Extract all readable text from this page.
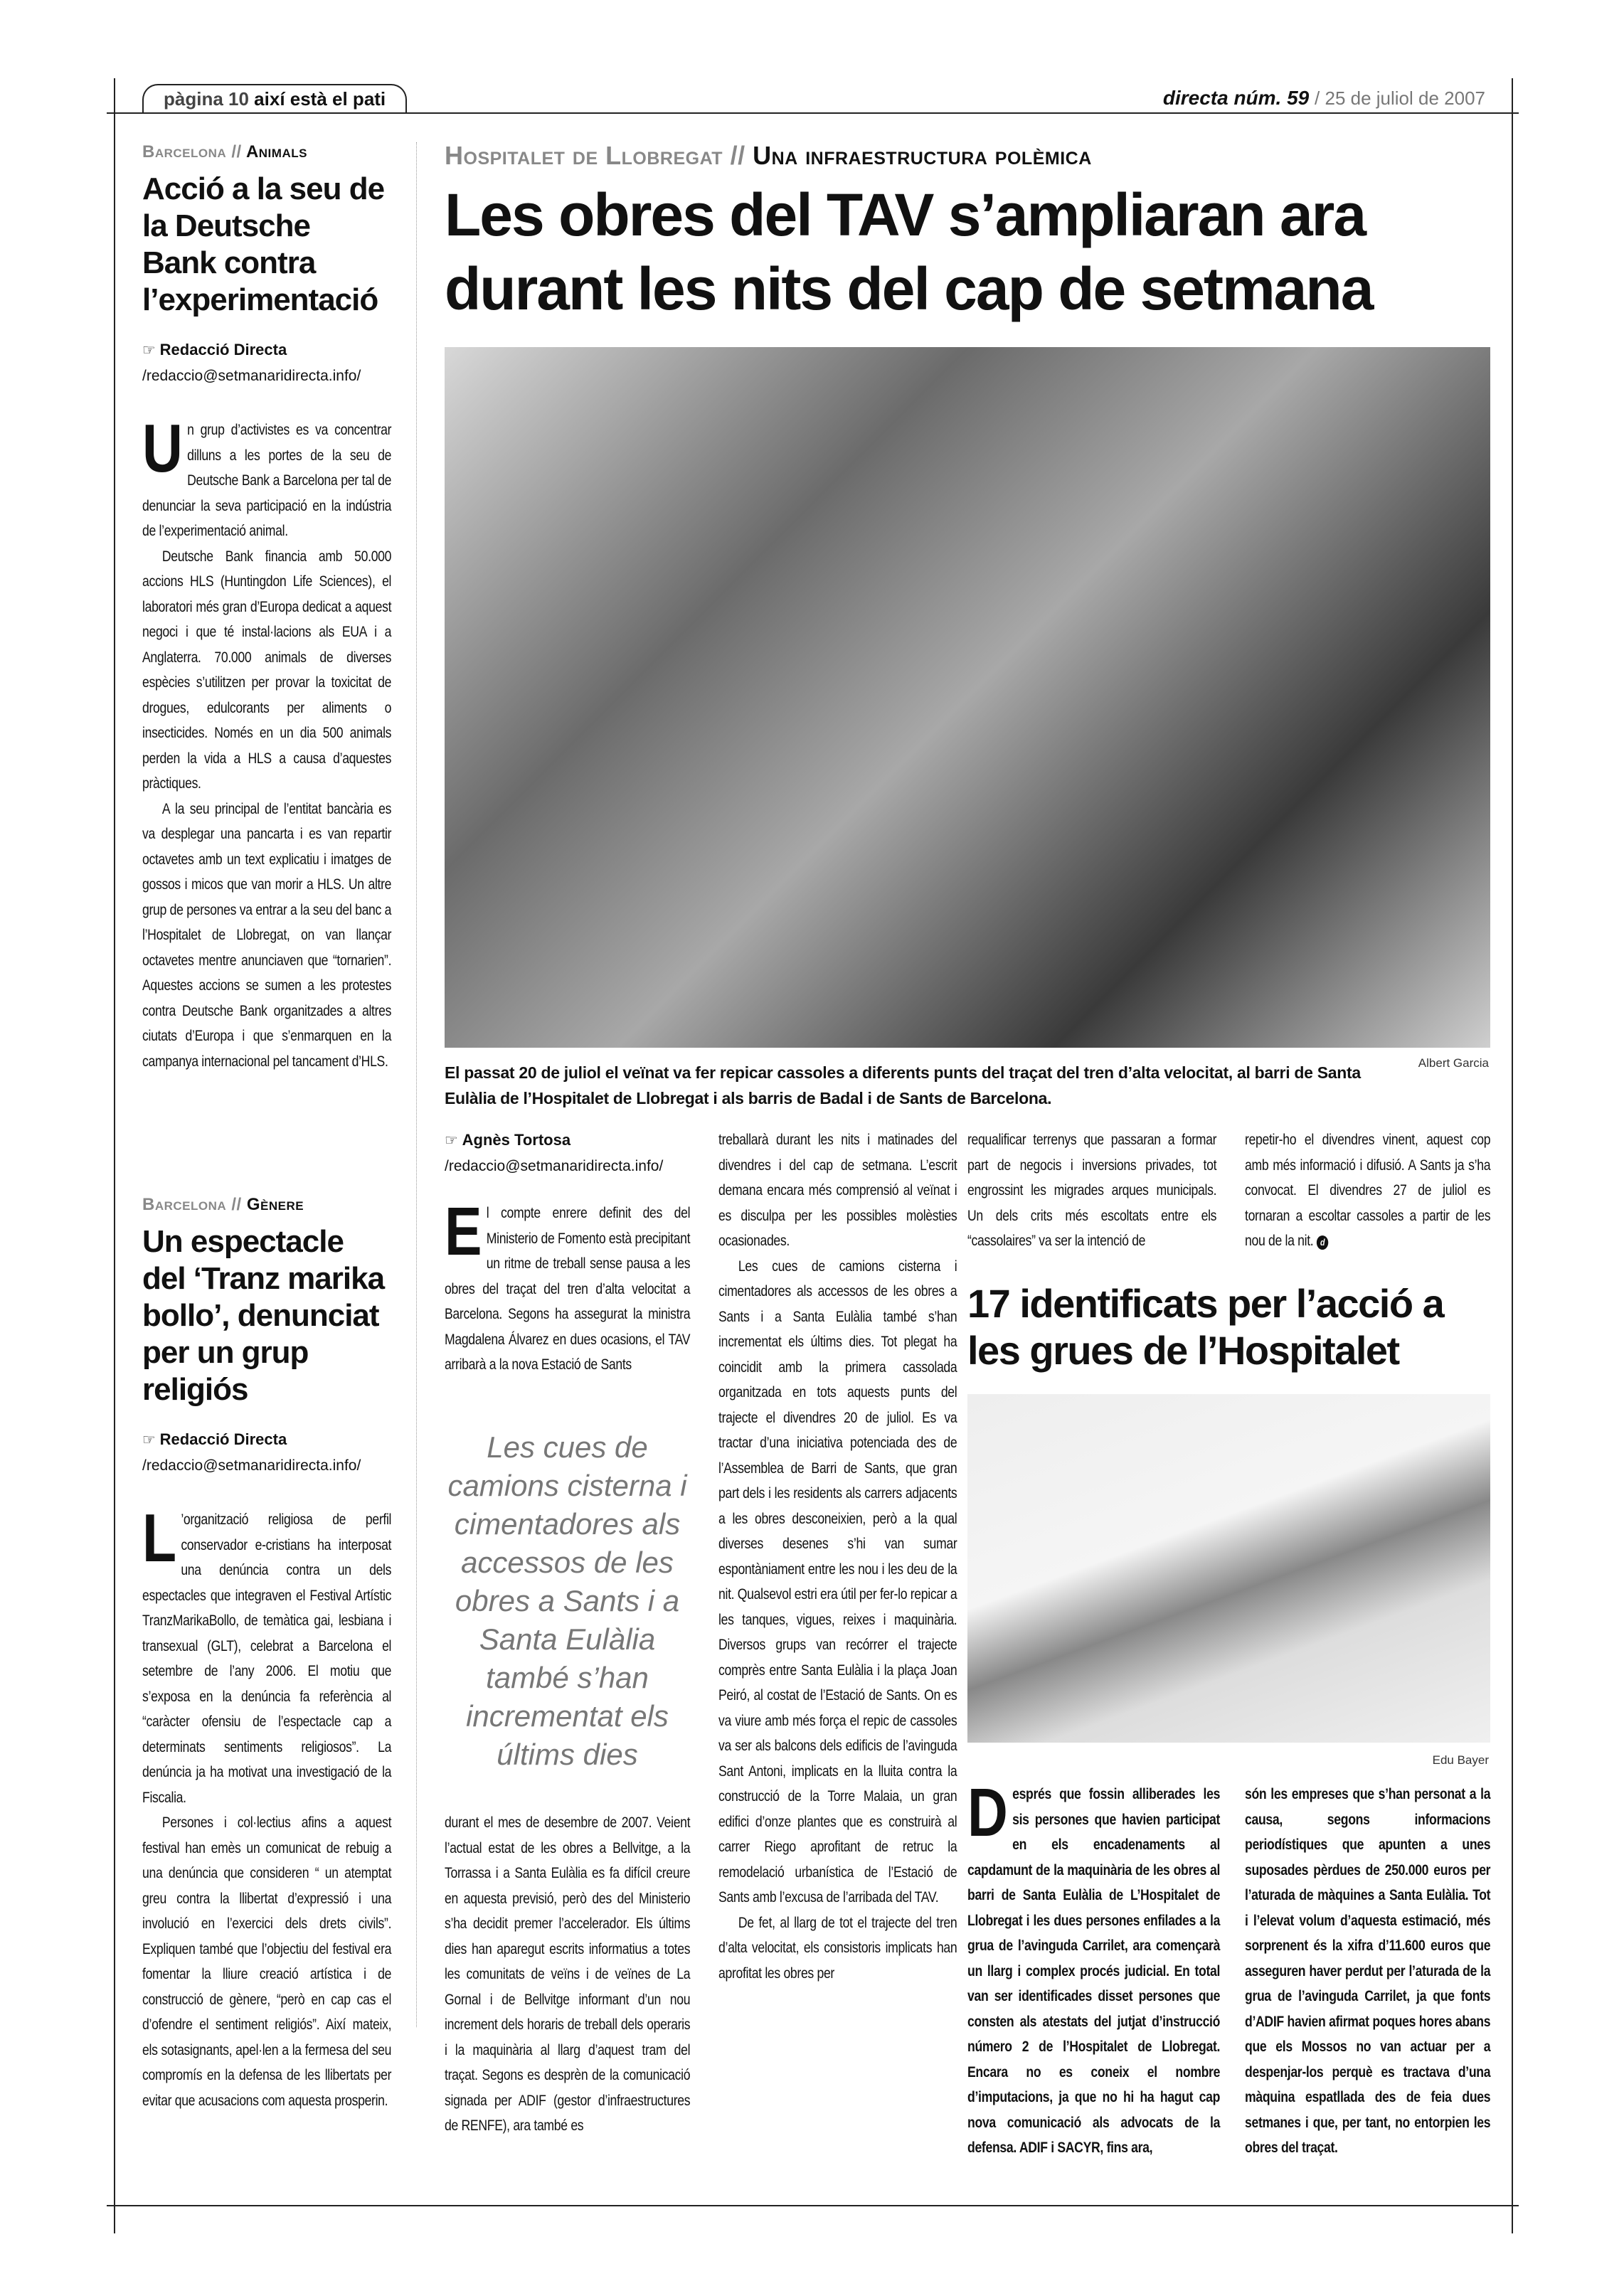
pàgina 10 així està el pati	directa núm. 59 / 25 de juliol de 2007
Barcelona // Animals
Acció a la seu de la Deutsche Bank contra l’experimentació
☞ Redacció Directa
/redaccio@setmanaridirecta.info/
U n grup d’activistes es va concentrar dilluns a les portes de la seu de Deutsche Bank a Barcelona per tal de denunciar la seva participació en la indústria de l’experimentació animal.

Deutsche Bank financia amb 50.000 accions HLS (Huntingdon Life Sciences), el laboratori més gran d’Europa dedicat a aquest negoci i que té instal·lacions als EUA i a Anglaterra. 70.000 animals de diverses espècies s’utilitzen per provar la toxicitat de drogues, edulcorants per aliments o insecticides. Només en un dia 500 animals perden la vida a HLS a causa d’aquestes pràctiques.

A la seu principal de l’entitat bancària es va desplegar una pancarta i es van repartir octavetes amb un text explicatiu i imatges de gossos i micos que van morir a HLS. Un altre grup de persones va entrar a la seu del banc a l’Hospitalet de Llobregat, on van llançar octavetes mentre anunciaven que “tornarien”. Aquestes accions se sumen a les protestes contra Deutsche Bank organitzades a altres ciutats d’Europa i que s’enmarquen en la campanya internacional pel tancament d’HLS.

Barcelona // Gènere
Un espectacle del ‘Tranz marika bollo’, denunciat per un grup religiós
☞ Redacció Directa
/redaccio@setmanaridirecta.info/
L ’organització religiosa de perfil conservador e-cristians ha interposat una denúncia contra un dels espectacles que integraven el Festival Artístic TranzMarikaBollo, de temàtica gai, lesbiana i transexual (GLT), celebrat a Barcelona el setembre de l’any 2006. El motiu que s’exposa en la denúncia fa referència al “caràcter ofensiu de l’espectacle cap a determinats sentiments religiosos”. La denúncia ja ha motivat una investigació de la Fiscalia.

Persones i col·lectius afins a aquest festival han emès un comunicat de rebuig a una denúncia que consideren “ un atemptat greu contra la llibertat d’expressió i una involució en l’exercici dels drets civils”. Expliquen també que l’objectiu del festival era fomentar la lliure creació artística i de construcció de gènere, “però en cap cas el d’ofendre el sentiment religiós”. Així mateix, els sotasignants, apel·len a la fermesa del seu compromís en la defensa de les llibertats per evitar que acusacions com aquesta prosperin.

Hospitalet de Llobregat // Una infraestructura polèmica
Les obres del TAV s’ampliaran ara durant les nits del cap de setmana
Albert Garcia
El passat 20 de juliol el veïnat va fer repicar cassoles a diferents punts del traçat del tren d’alta velocitat, al barri de Santa Eulàlia de l’Hospitalet de Llobregat i als barris de Badal i de Sants de Barcelona.
☞ Agnès Tortosa
/redaccio@setmanaridirecta.info/
E l compte enrere definit des del Ministerio de Fomento està precipitant un ritme de treball sense pausa a les obres del traçat del tren d’alta velocitat a Barcelona. Segons ha assegurat la ministra Magdalena Álvarez en dues ocasions, el TAV arribarà a la nova Estació de Sants

Les cues de camions cisterna i cimentadores als accessos de les obres a Sants i a Santa Eulàlia també s’han incrementat els últims dies

durant el mes de desembre de 2007. Veient l’actual estat de les obres a Bellvitge, a la Torrassa i a Santa Eulàlia es fa difícil creure en aquesta previsió, però des del Ministerio s’ha decidit premer l’accelerador. Els últims dies han aparegut escrits informatius a totes les comunitats de veïns i de veïnes de La Gornal i de Bellvitge informant d’un nou increment dels horaris de treball dels operaris i la maquinària al llarg d’aquest tram del traçat. Segons es desprèn de la comunicació signada per ADIF (gestor d’infraestructures de RENFE), ara també es

treballarà durant les nits i matinades del divendres i del cap de setmana. L’escrit demana encara més comprensió al veïnat i es disculpa per les possibles molèsties ocasionades.

Les cues de camions cisterna i cimentadores als accessos de les obres a Sants i a Santa Eulàlia també s’han incrementat els últims dies. Tot plegat ha coincidit amb la primera cassolada organitzada en tots aquests punts del trajecte el divendres 20 de juliol. Es va tractar d’una iniciativa potenciada des de l’Assemblea de Barri de Sants, que gran part dels i les residents als carrers adjacents a les obres desconeixien, però a la qual diverses desenes s’hi van sumar espontàniament entre les nou i les deu de la nit. Qualsevol estri era útil per fer-lo repicar a les tanques, vigues, reixes i maquinària. Diversos grups van recórrer el trajecte comprès entre Santa Eulàlia i la plaça Joan Peiró, al costat de l’Estació de Sants. On es va viure amb més força el repic de cassoles va ser als balcons dels edificis de l’avinguda Sant Antoni, implicats en la lluita contra la construcció de la Torre Malaia, un gran edifici d’onze plantes que es construirà al carrer Riego aprofitant de retruc la remodelació urbanística de l’Estació de Sants amb l’excusa de l’arribada del TAV.

De fet, al llarg de tot el trajecte del tren d’alta velocitat, els consistoris implicats han aprofitat les obres per

requalificar terrenys que passaran a formar part de negocis i inversions privades, tot engrossint les migrades arques municipals. Un dels crits més escoltats entre els “cassolaires” va ser la intenció de

repetir-ho el divendres vinent, aquest cop amb més informació i difusió. A Sants ja s’ha convocat. El divendres 27 de juliol es tornaran a escoltar cassoles a partir de les nou de la nit. d

17 identificats per l’acció a les grues de l’Hospitalet
Edu Bayer
D esprés que fossin alliberades les sis persones que havien participat en els encadenaments al capdamunt de la maquinària de les obres al barri de Santa Eulàlia de L’Hospitalet de Llobregat i les dues persones enfilades a la grua de l’avinguda Carrilet, ara començarà un llarg i complex procés judicial. En total van ser identificades disset persones que consten als atestats del jutjat d’instrucció número 2 de l’Hospitalet de Llobregat. Encara no es coneix el nombre d’imputacions, ja que no hi ha hagut cap nova comunicació als advocats de la defensa. ADIF i SACYR, fins ara,

són les empreses que s’han personat a la causa, segons informacions periodístiques que apunten a unes suposades pèrdues de 250.000 euros per l’aturada de màquines a Santa Eulàlia. Tot i l’elevat volum d’aquesta estimació, més sorprenent és la xifra d’11.600 euros que asseguren haver perdut per l’aturada de la grua de l’avinguda Carrilet, ja que fonts d’ADIF havien afirmat poques hores abans que els Mossos no van actuar per a despenjar-los perquè es tractava d’una màquina espatllada des de feia dues setmanes i que, per tant, no entorpien les obres del traçat.
